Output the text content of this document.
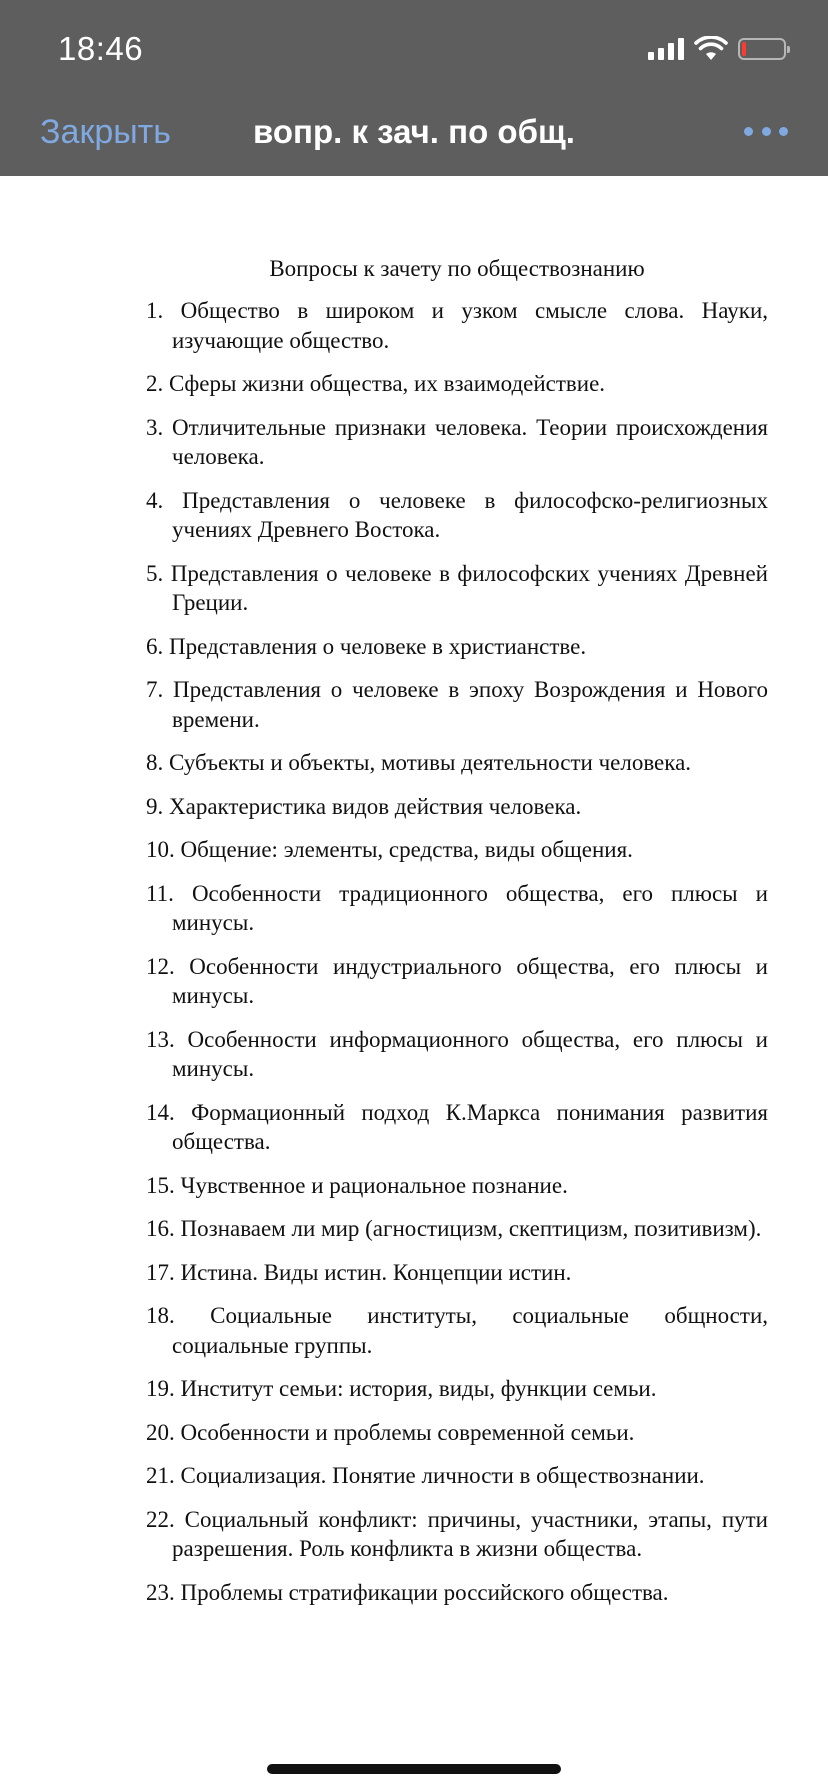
18:46
Закрыть	вопр. к зач. по общ.
Вопросы к зачету по обществознанию
1. Общество в широком и узком смысле слова. Науки, изучающие общество.
2. Сферы жизни общества, их взаимодействие.
3. Отличительные признаки человека. Теории происхождения человека.
4. Представления о человеке в философско-религиозных учениях Древнего Востока.
5. Представления о человеке в философских учениях Древней Греции.
6. Представления о человеке в христианстве.
7. Представления о человеке в эпоху Возрождения и Нового времени.
8. Субъекты и объекты, мотивы деятельности человека.
9. Характеристика видов действия человека.
10. Общение: элементы, средства, виды общения.
11. Особенности традиционного общества, его плюсы и минусы.
12. Особенности индустриального общества, его плюсы и минусы.
13. Особенности информационного общества, его плюсы и минусы.
14. Формационный подход К.Маркса понимания развития общества.
15. Чувственное и рациональное познание.
16. Познаваем ли мир (агностицизм, скептицизм, позитивизм).
17. Истина. Виды истин. Концепции истин.
18. Социальные институты, социальные общности, социальные группы.
19. Институт семьи: история, виды, функции семьи.
20. Особенности и проблемы современной семьи.
21. Социализация. Понятие личности в обществознании.
22. Социальный конфликт: причины, участники, этапы, пути разрешения. Роль конфликта в жизни общества.
23. Проблемы стратификации российского общества.
